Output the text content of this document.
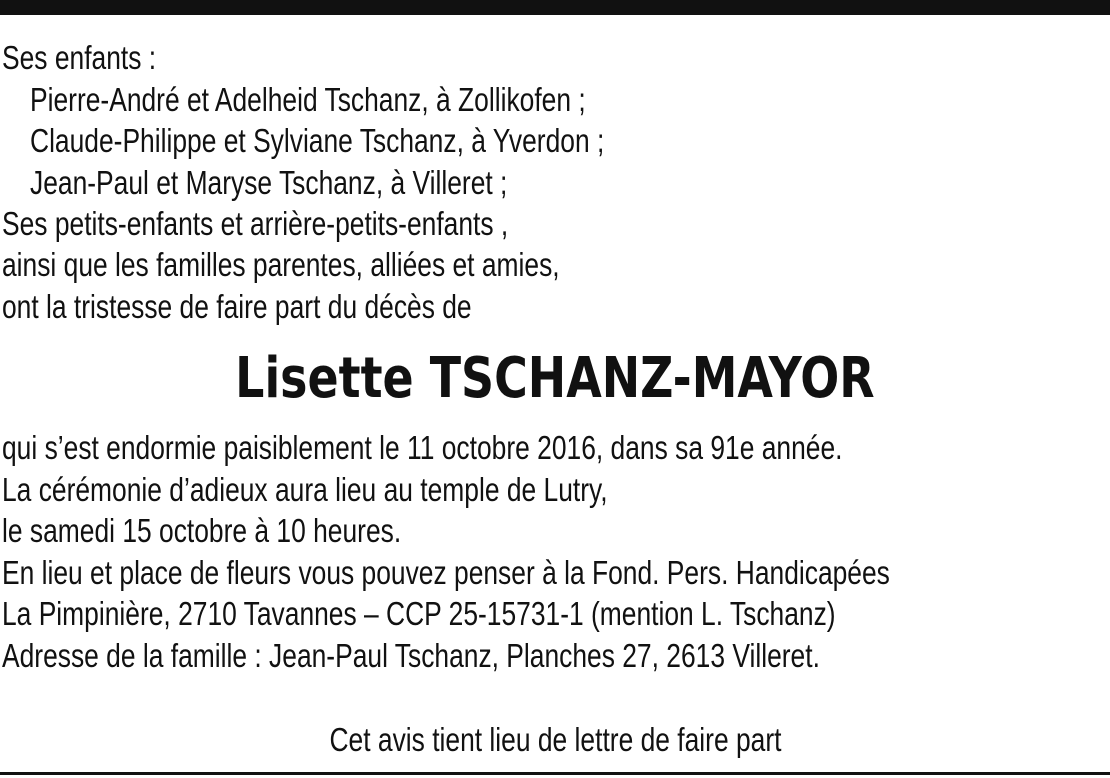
Ses enfants :
Pierre-André et Adelheid Tschanz, à Zollikofen ;
Claude-Philippe et Sylviane Tschanz, à Yverdon ;
Jean-Paul et Maryse Tschanz, à Villeret ;
Ses petits-enfants et arrière-petits-enfants ,
ainsi que les familles parentes, alliées et amies,
ont la tristesse de faire part du décès de
Lisette TSCHANZ-MAYOR
qui s’est endormie paisiblement le 11 octobre 2016, dans sa 91e année.
La cérémonie d’adieux aura lieu au temple de Lutry,
le samedi 15 octobre à 10 heures.
En lieu et place de fleurs vous pouvez penser à la Fond. Pers. Handicapées
La Pimpinière, 2710 Tavannes – CCP 25-15731-1 (mention L. Tschanz)
Adresse de la famille : Jean-Paul Tschanz, Planches 27, 2613 Villeret.
Cet avis tient lieu de lettre de faire part
